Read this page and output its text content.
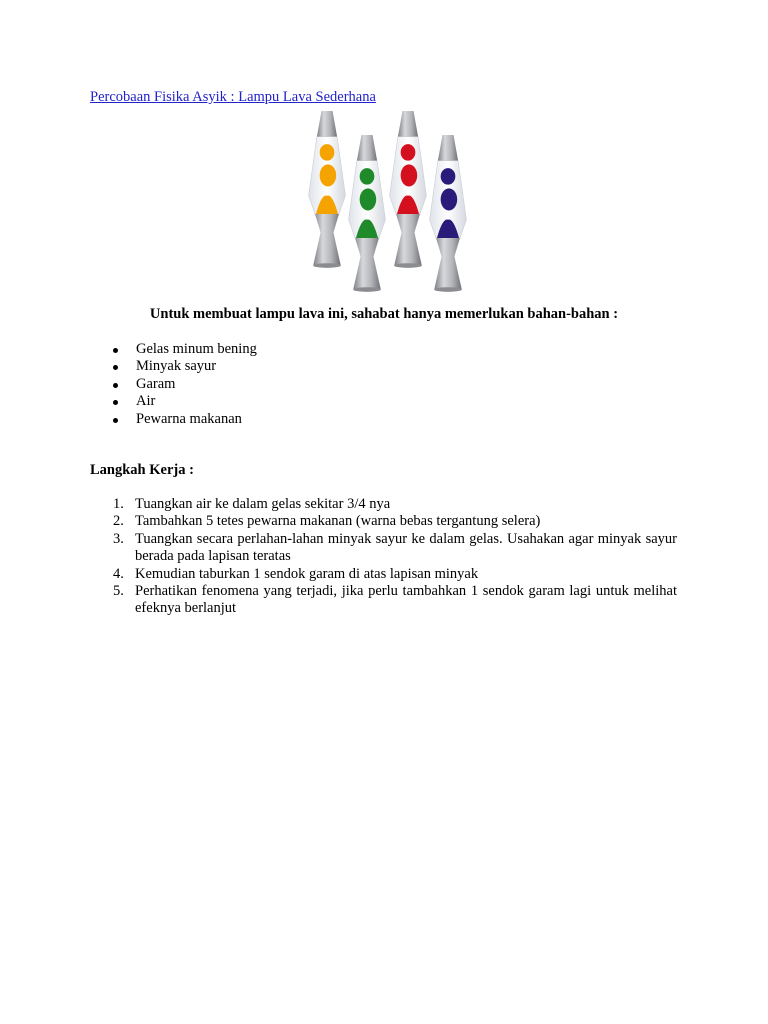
Percobaan Fisika Asyik : Lampu Lava Sederhana
Untuk membuat lampu lava ini, sahabat hanya memerlukan bahan-bahan :
Gelas minum bening
Minyak sayur
Garam
Air
Pewarna makanan
Langkah Kerja :
1. Tuangkan air ke dalam gelas sekitar 3/4 nya
2. Tambahkan 5 tetes pewarna makanan (warna bebas tergantung selera)
3. Tuangkan secara perlahan-lahan minyak sayur ke dalam gelas. Usahakan agar minyak sayur berada pada lapisan teratas
4. Kemudian taburkan 1 sendok garam di atas lapisan minyak
5. Perhatikan fenomena yang terjadi, jika perlu tambahkan 1 sendok garam lagi untuk melihat efeknya berlanjut
